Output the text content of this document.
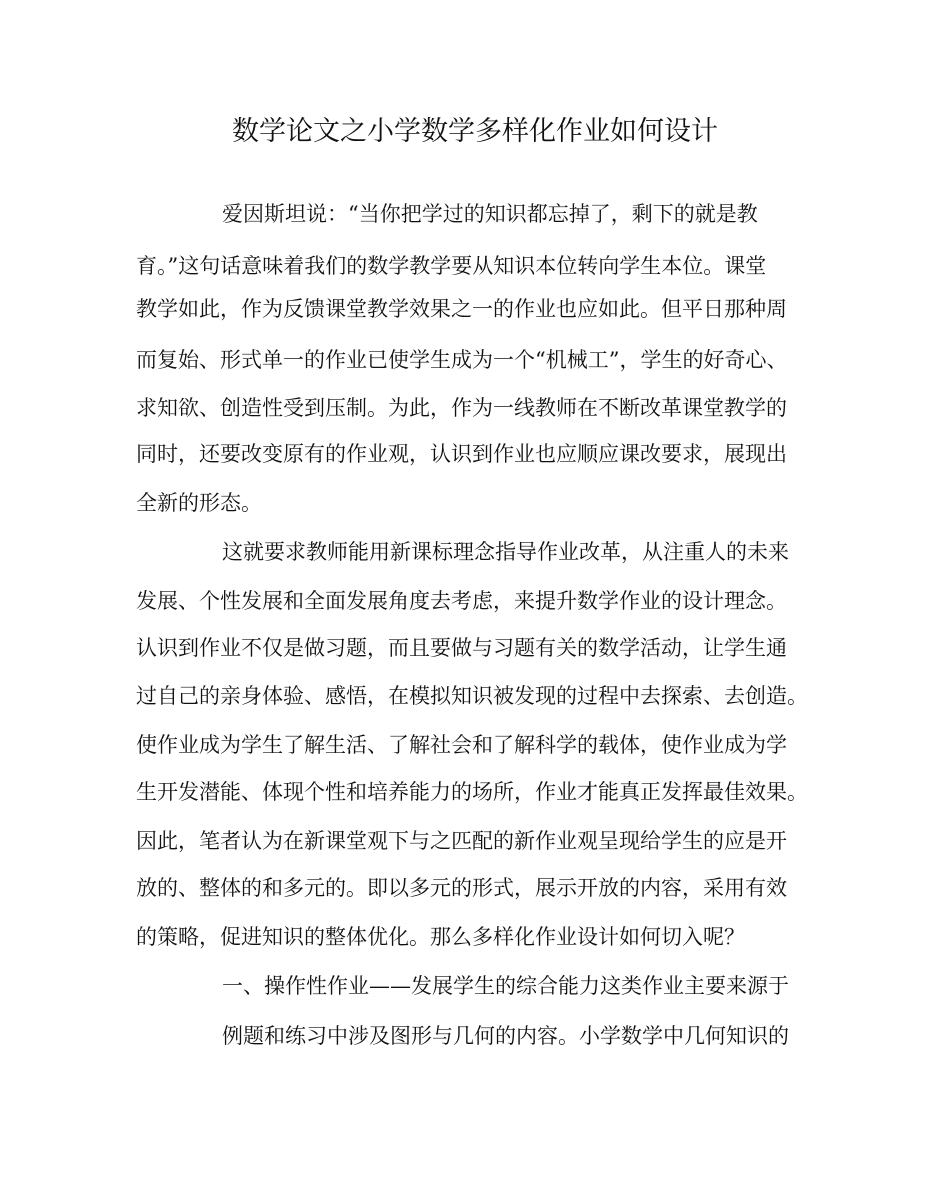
数学论文之小学数学多样化作业如何设计
爱因斯坦说：“当你把学过的知识都忘掉了，剩下的就是教
育。”这句话意味着我们的数学教学要从知识本位转向学生本位。课堂
教学如此，作为反馈课堂教学效果之一的作业也应如此。但平日那种周
而复始、形式单一的作业已使学生成为一个“机械工”，学生的好奇心、
求知欲、创造性受到压制。为此，作为一线教师在不断改革课堂教学的
同时，还要改变原有的作业观，认识到作业也应顺应课改要求，展现出
全新的形态。
这就要求教师能用新课标理念指导作业改革，从注重人的未来
发展、个性发展和全面发展角度去考虑，来提升数学作业的设计理念。
认识到作业不仅是做习题，而且要做与习题有关的数学活动，让学生通
过自己的亲身体验、感悟，在模拟知识被发现的过程中去探索、去创造。
使作业成为学生了解生活、了解社会和了解科学的载体，使作业成为学
生开发潜能、体现个性和培养能力的场所，作业才能真正发挥最佳效果。
因此，笔者认为在新课堂观下与之匹配的新作业观呈现给学生的应是开
放的、整体的和多元的。即以多元的形式，展示开放的内容，采用有效
的策略，促进知识的整体优化。那么多样化作业设计如何切入呢？
一、操作性作业——发展学生的综合能力这类作业主要来源于
例题和练习中涉及图形与几何的内容。小学数学中几何知识的
